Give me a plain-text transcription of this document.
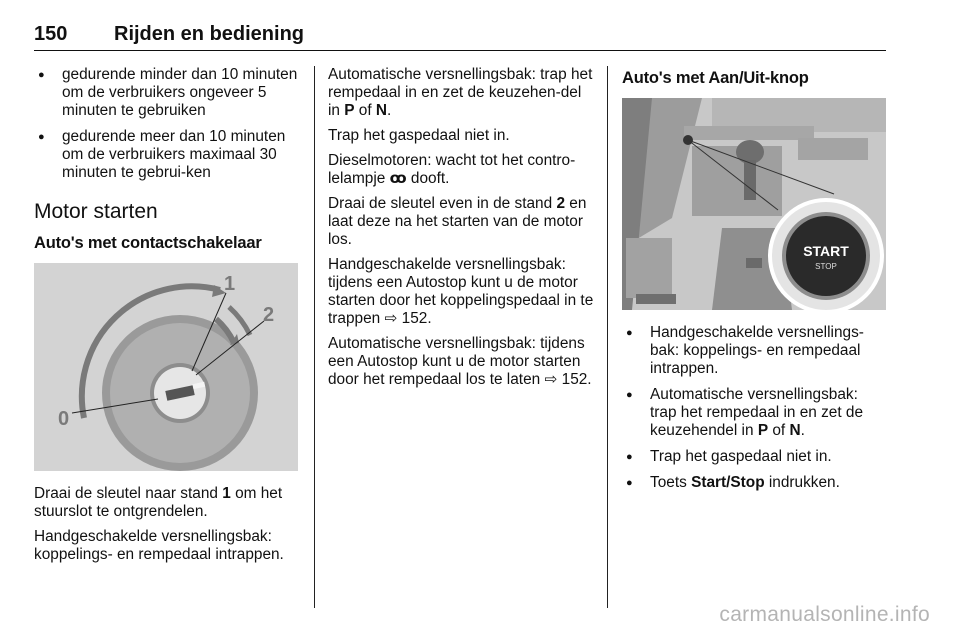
150 Rijden en bediening
● gedurende minder dan 10 minuten om de verbruikers ongeveer 5 minuten te gebruiken
● gedurende meer dan 10 minuten om de verbruikers maximaal 30 minuten te gebrui-ken
Motor starten
Auto's met contactschakelaar
1
2
0

Draai de sleutel naar stand 1 om het stuurslot te ontgrendelen.

Handgeschakelde versnellingsbak: koppelings- en rempedaal intrappen.

Automatische versnellingsbak: trap het rempedaal in en zet de keuzehen-del in P of N.

Trap het gaspedaal niet in.

Dieselmotoren: wacht tot het contro-lelampje ꝏ dooft.

Draai de sleutel even in de stand 2 en laat deze na het starten van de motor los.

Handgeschakelde versnellingsbak: tijdens een Autostop kunt u de motor starten door het koppelingspedaal in te trappen ⇨ 152.

Automatische versnellingsbak: tijdens een Autostop kunt u de motor starten door het rempedaal los te laten ⇨ 152.

Auto's met Aan/Uit-knop
START
STOP
● Handgeschakelde versnellings-bak: koppelings- en rempedaal intrappen.
● Automatische versnellingsbak: trap het rempedaal in en zet de keuzehendel in P of N.
● Trap het gaspedaal niet in.
● Toets Start/Stop indrukken.
carmanualsonline.info
